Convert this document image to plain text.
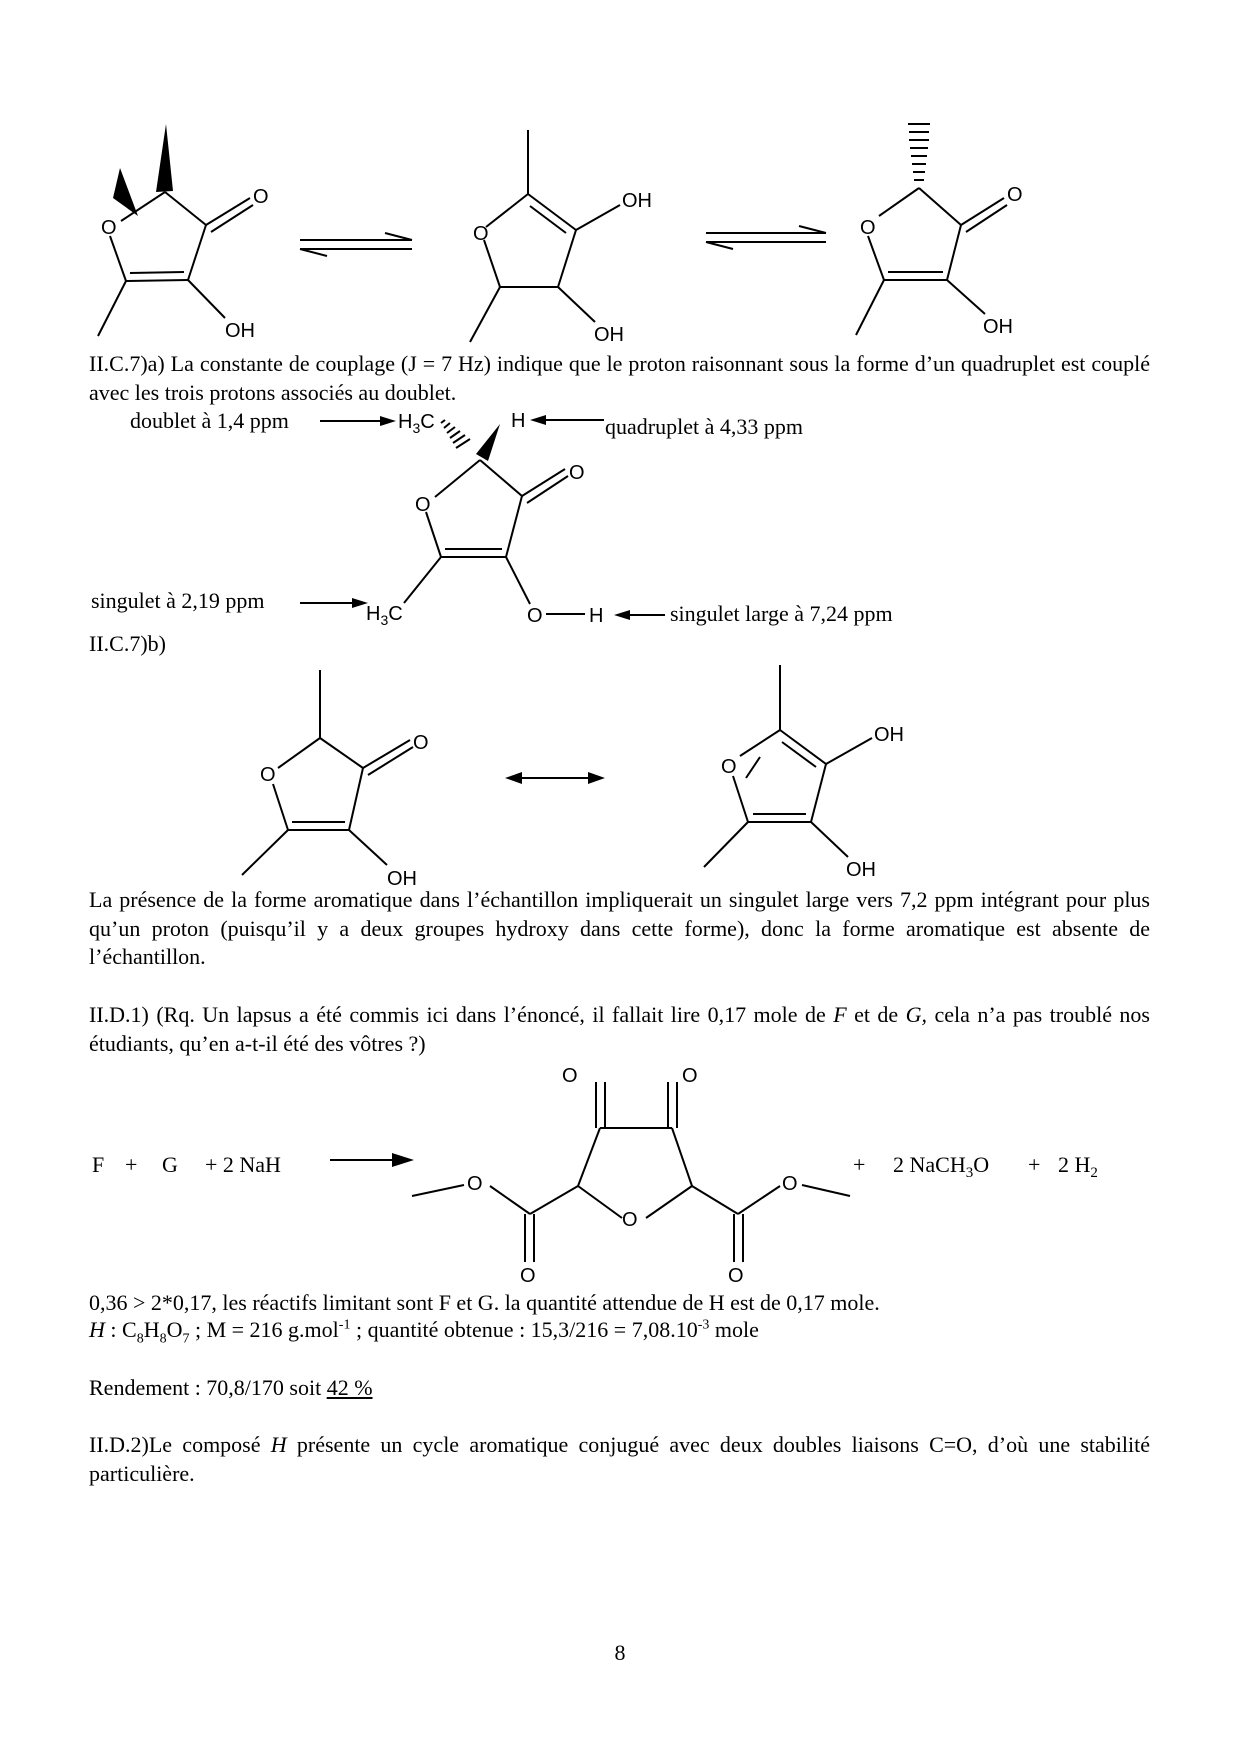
O
O
OH
O
OH
OH
O
O
OH

II.C.7)a) La constante de couplage (J = 7 Hz) indique que le proton raisonnant sous la forme d’un quadruplet est couplé avec les trois protons associés au doublet.

doublet à 1,4 ppm	$H_3C$	H	quadruplet à 4,33 ppm
O
O
singulet à 2,19 ppm
$H_3C$	O H	singulet large à 7,24 ppm

II.C.7)b)

O
O
OH
O
OH
OH

La présence de la forme aromatique dans l’échantillon impliquerait un singulet large vers 7,2 ppm intégrant pour plus qu’un proton (puisqu’il y a deux groupes hydroxy dans cette forme), donc la forme aromatique est absente de l’échantillon.

II.D.1) (Rq. Un lapsus a été commis ici dans l’énoncé, il fallait lire 0,17 mole de F et de G, cela n’a pas troublé nos étudiants, qu’en a-t-il été des vôtres ?)

F + G + 2 NaH
O	O
O
O
O
O
O
+ 2 NaCH$_3$O + 2 $H_2$

0,36 > 2*0,17, les réactifs limitant sont F et G. la quantité attendue de H est de 0,17 mole.

H : $C_8H_8O_7$ ; M = 216 g.mol$^{-1}$ ; quantité obtenue : $15,3/216 = 7,08.10^{-3}$ mole

Rendement : 70,8/170 soit 42 %

II.D.2)Le composé H présente un cycle aromatique conjugué avec deux doubles liaisons C=O, d’où une stabilité particulière.

8
